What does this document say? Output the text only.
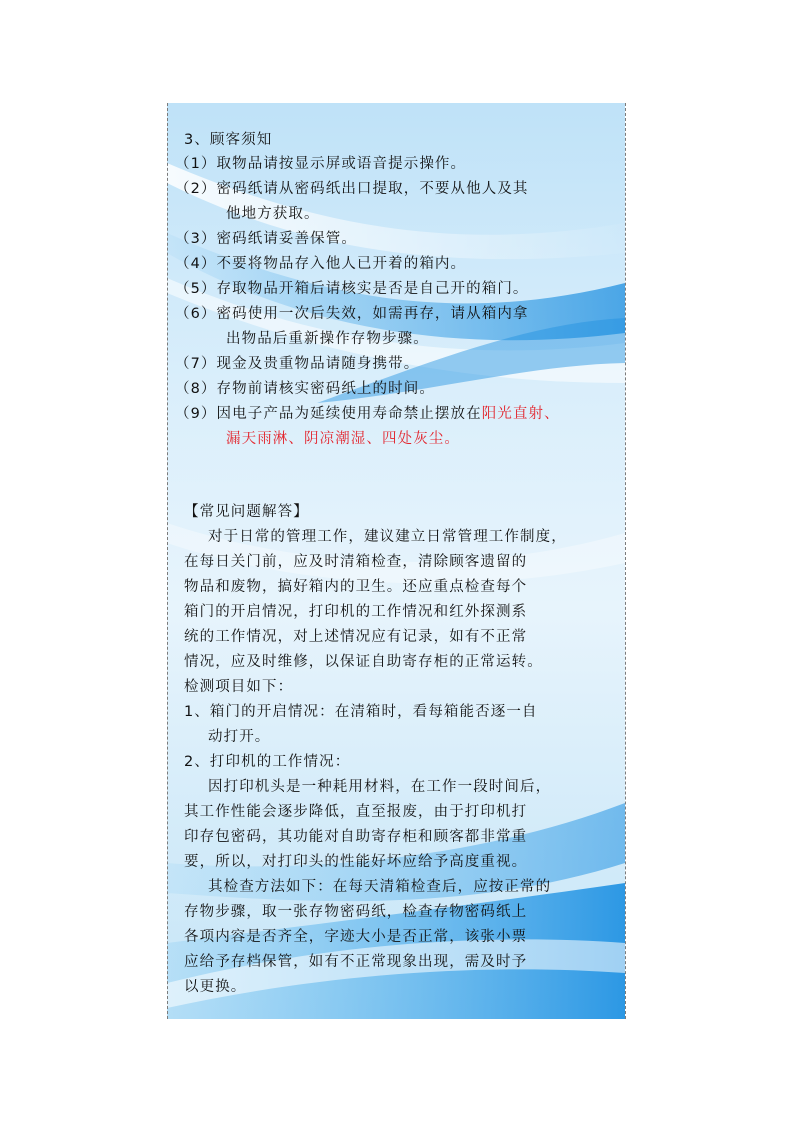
3、顾客须知
（1）取物品请按显示屏或语音提示操作。
（2）密码纸请从密码纸出口提取，不要从他人及其
他地方获取。
（3）密码纸请妥善保管。
（4）不要将物品存入他人已开着的箱内。
（5）存取物品开箱后请核实是否是自己开的箱门。
（6）密码使用一次后失效，如需再存，请从箱内拿
出物品后重新操作存物步骤。
（7）现金及贵重物品请随身携带。
（8）存物前请核实密码纸上的时间。
（9）因电子产品为延续使用寿命禁止摆放在阳光直射、
漏天雨淋、阴凉潮湿、四处灰尘。
【常见问题解答】
对于日常的管理工作，建议建立日常管理工作制度，
在每日关门前，应及时清箱检查，清除顾客遗留的
物品和废物，搞好箱内的卫生。还应重点检查每个
箱门的开启情况，打印机的工作情况和红外探测系
统的工作情况，对上述情况应有记录，如有不正常
情况，应及时维修，以保证自助寄存柜的正常运转。
检测项目如下：
1、箱门的开启情况：在清箱时，看每箱能否逐一自
动打开。
2、打印机的工作情况：
因打印机头是一种耗用材料，在工作一段时间后，
其工作性能会逐步降低，直至报废，由于打印机打
印存包密码，其功能对自助寄存柜和顾客都非常重
要，所以，对打印头的性能好坏应给予高度重视。
其检查方法如下：在每天清箱检查后，应按正常的
存物步骤，取一张存物密码纸，检查存物密码纸上
各项内容是否齐全，字迹大小是否正常，该张小票
应给予存档保管，如有不正常现象出现，需及时予
以更换。
